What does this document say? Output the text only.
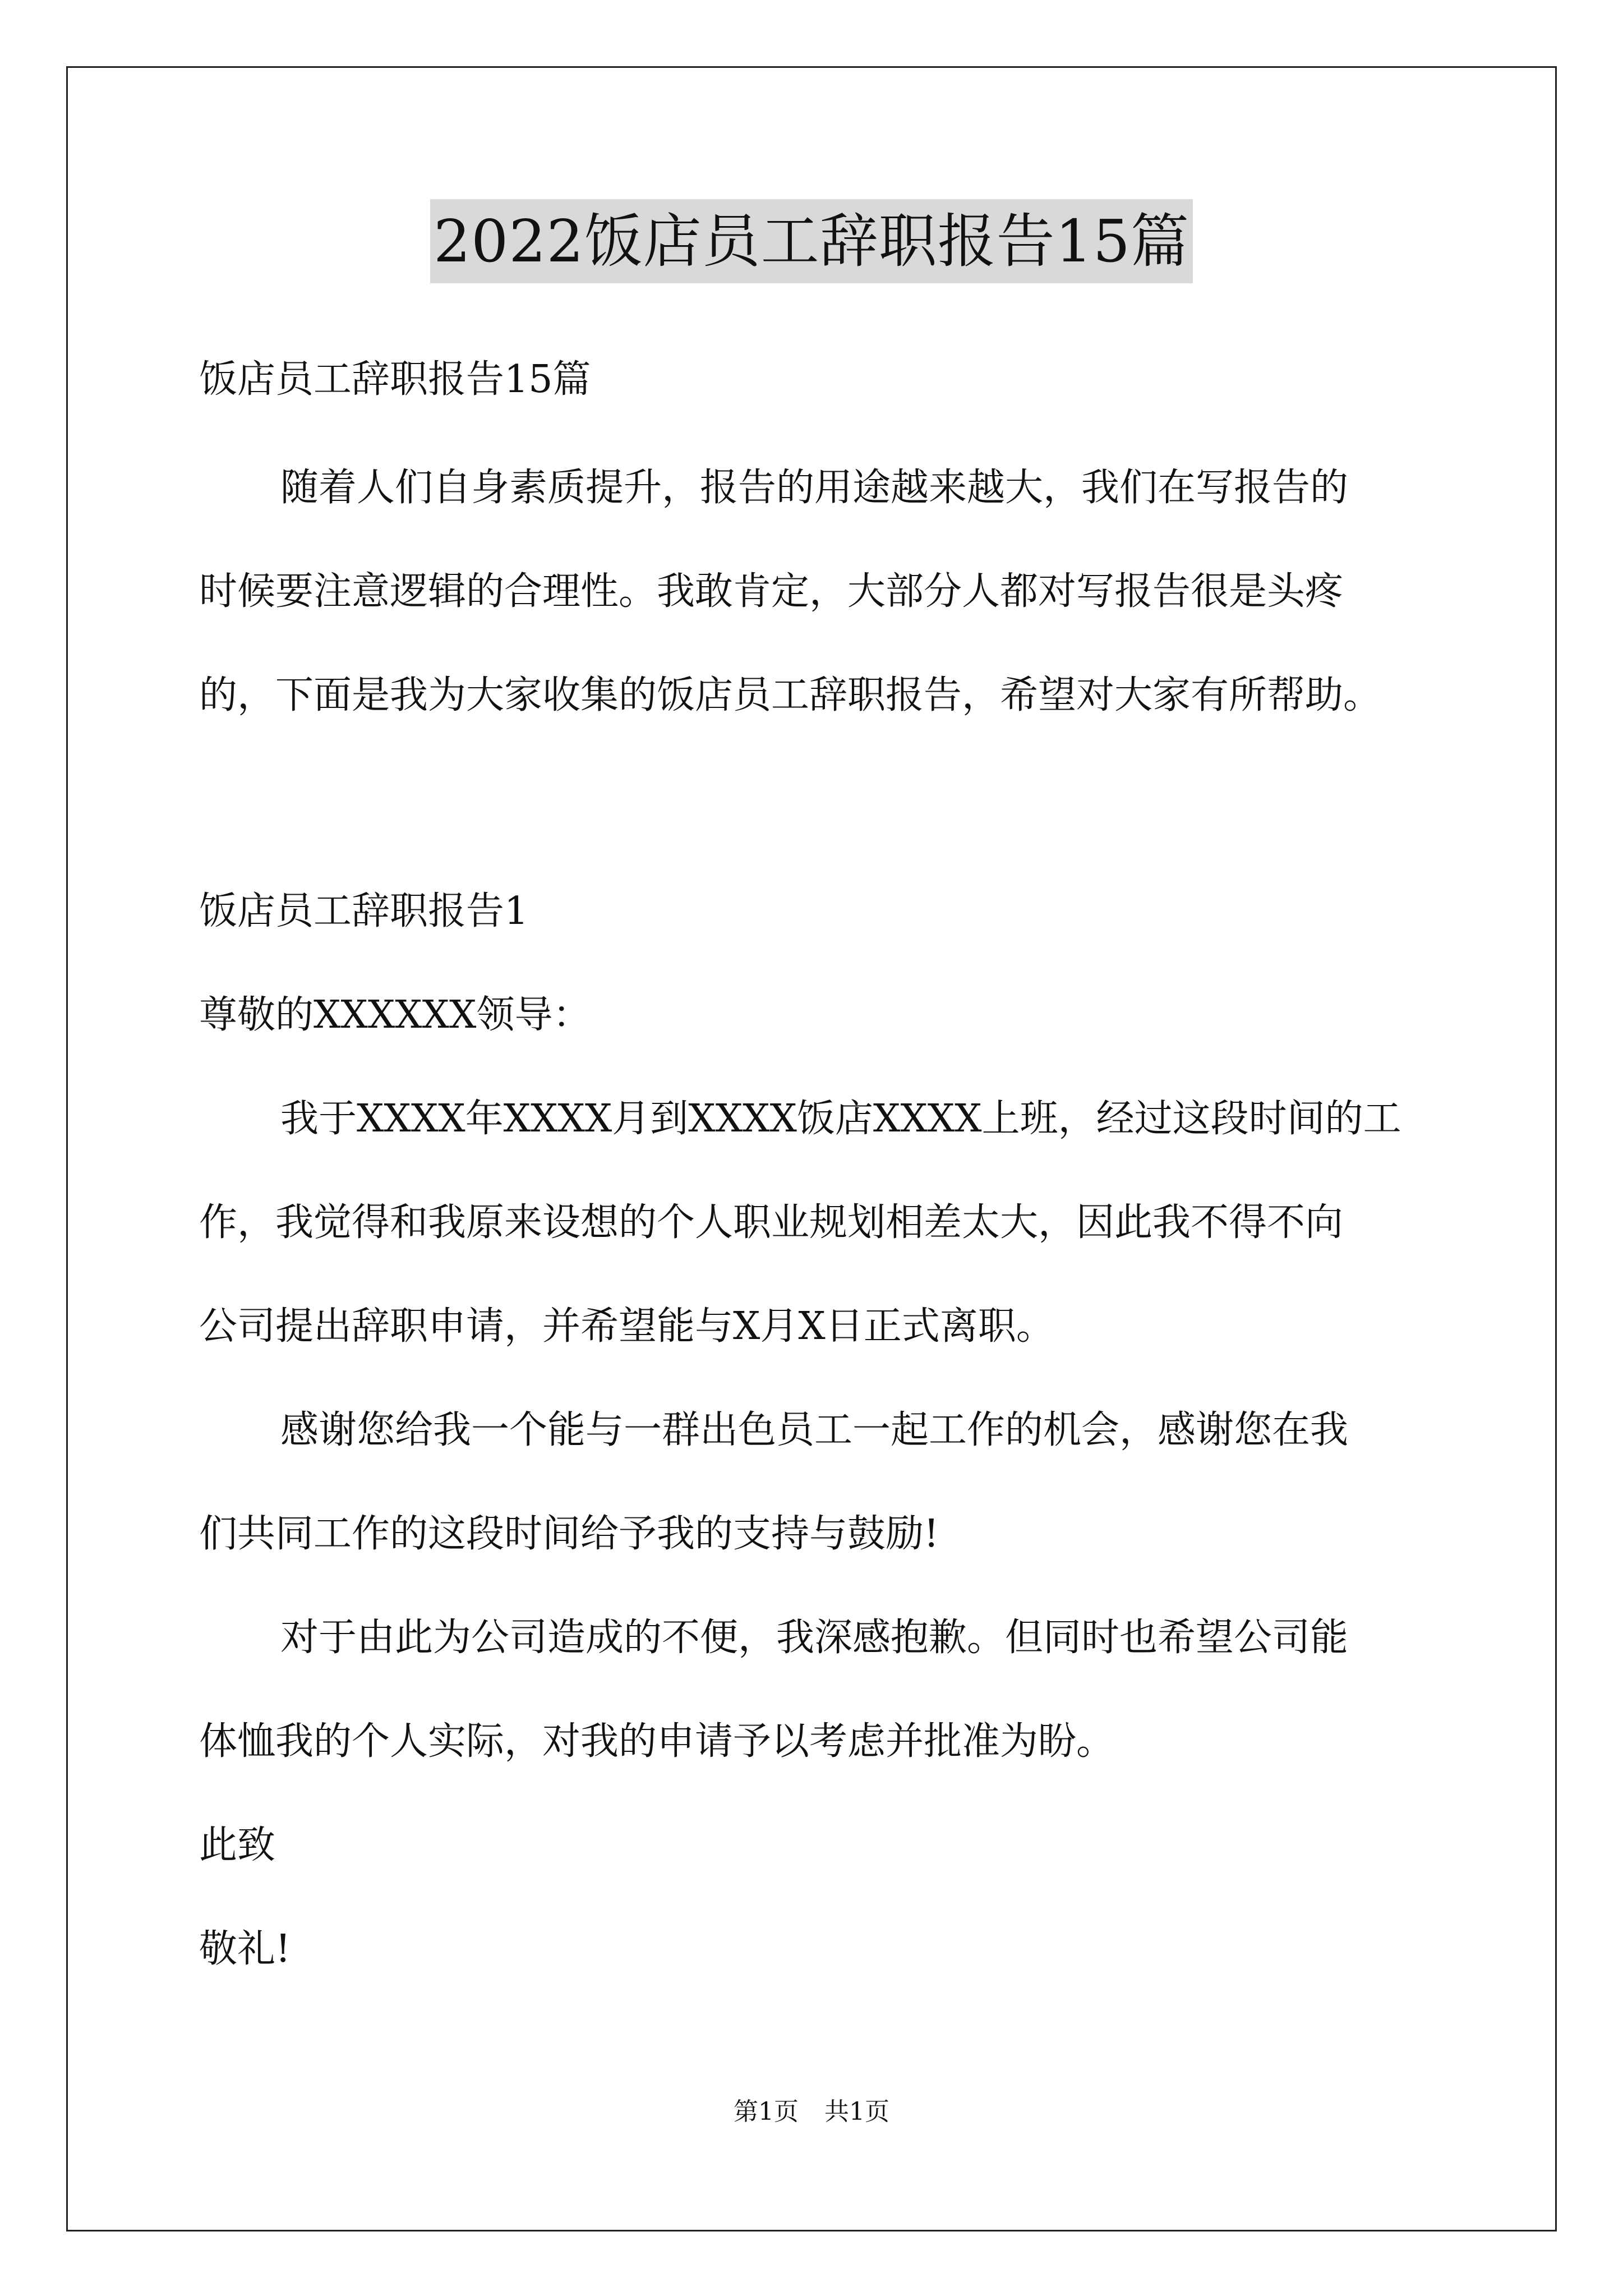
2022饭店员工辞职报告15篇
饭店员工辞职报告15篇
随着人们自身素质提升，报告的用途越来越大，我们在写报告的
时候要注意逻辑的合理性。我敢肯定，大部分人都对写报告很是头疼
的，下面是我为大家收集的饭店员工辞职报告，希望对大家有所帮助。
饭店员工辞职报告1
尊敬的XXXXXX领导：
我于XXXX年XXXX月到XXXX饭店XXXX上班，经过这段时间的工
作，我觉得和我原来设想的个人职业规划相差太大，因此我不得不向
公司提出辞职申请，并希望能与X月X日正式离职。
感谢您给我一个能与一群出色员工一起工作的机会，感谢您在我
们共同工作的这段时间给予我的支持与鼓励!
对于由此为公司造成的不便，我深感抱歉。但同时也希望公司能
体恤我的个人实际，对我的申请予以考虑并批准为盼。
此致
敬礼!
第1页 共1页
